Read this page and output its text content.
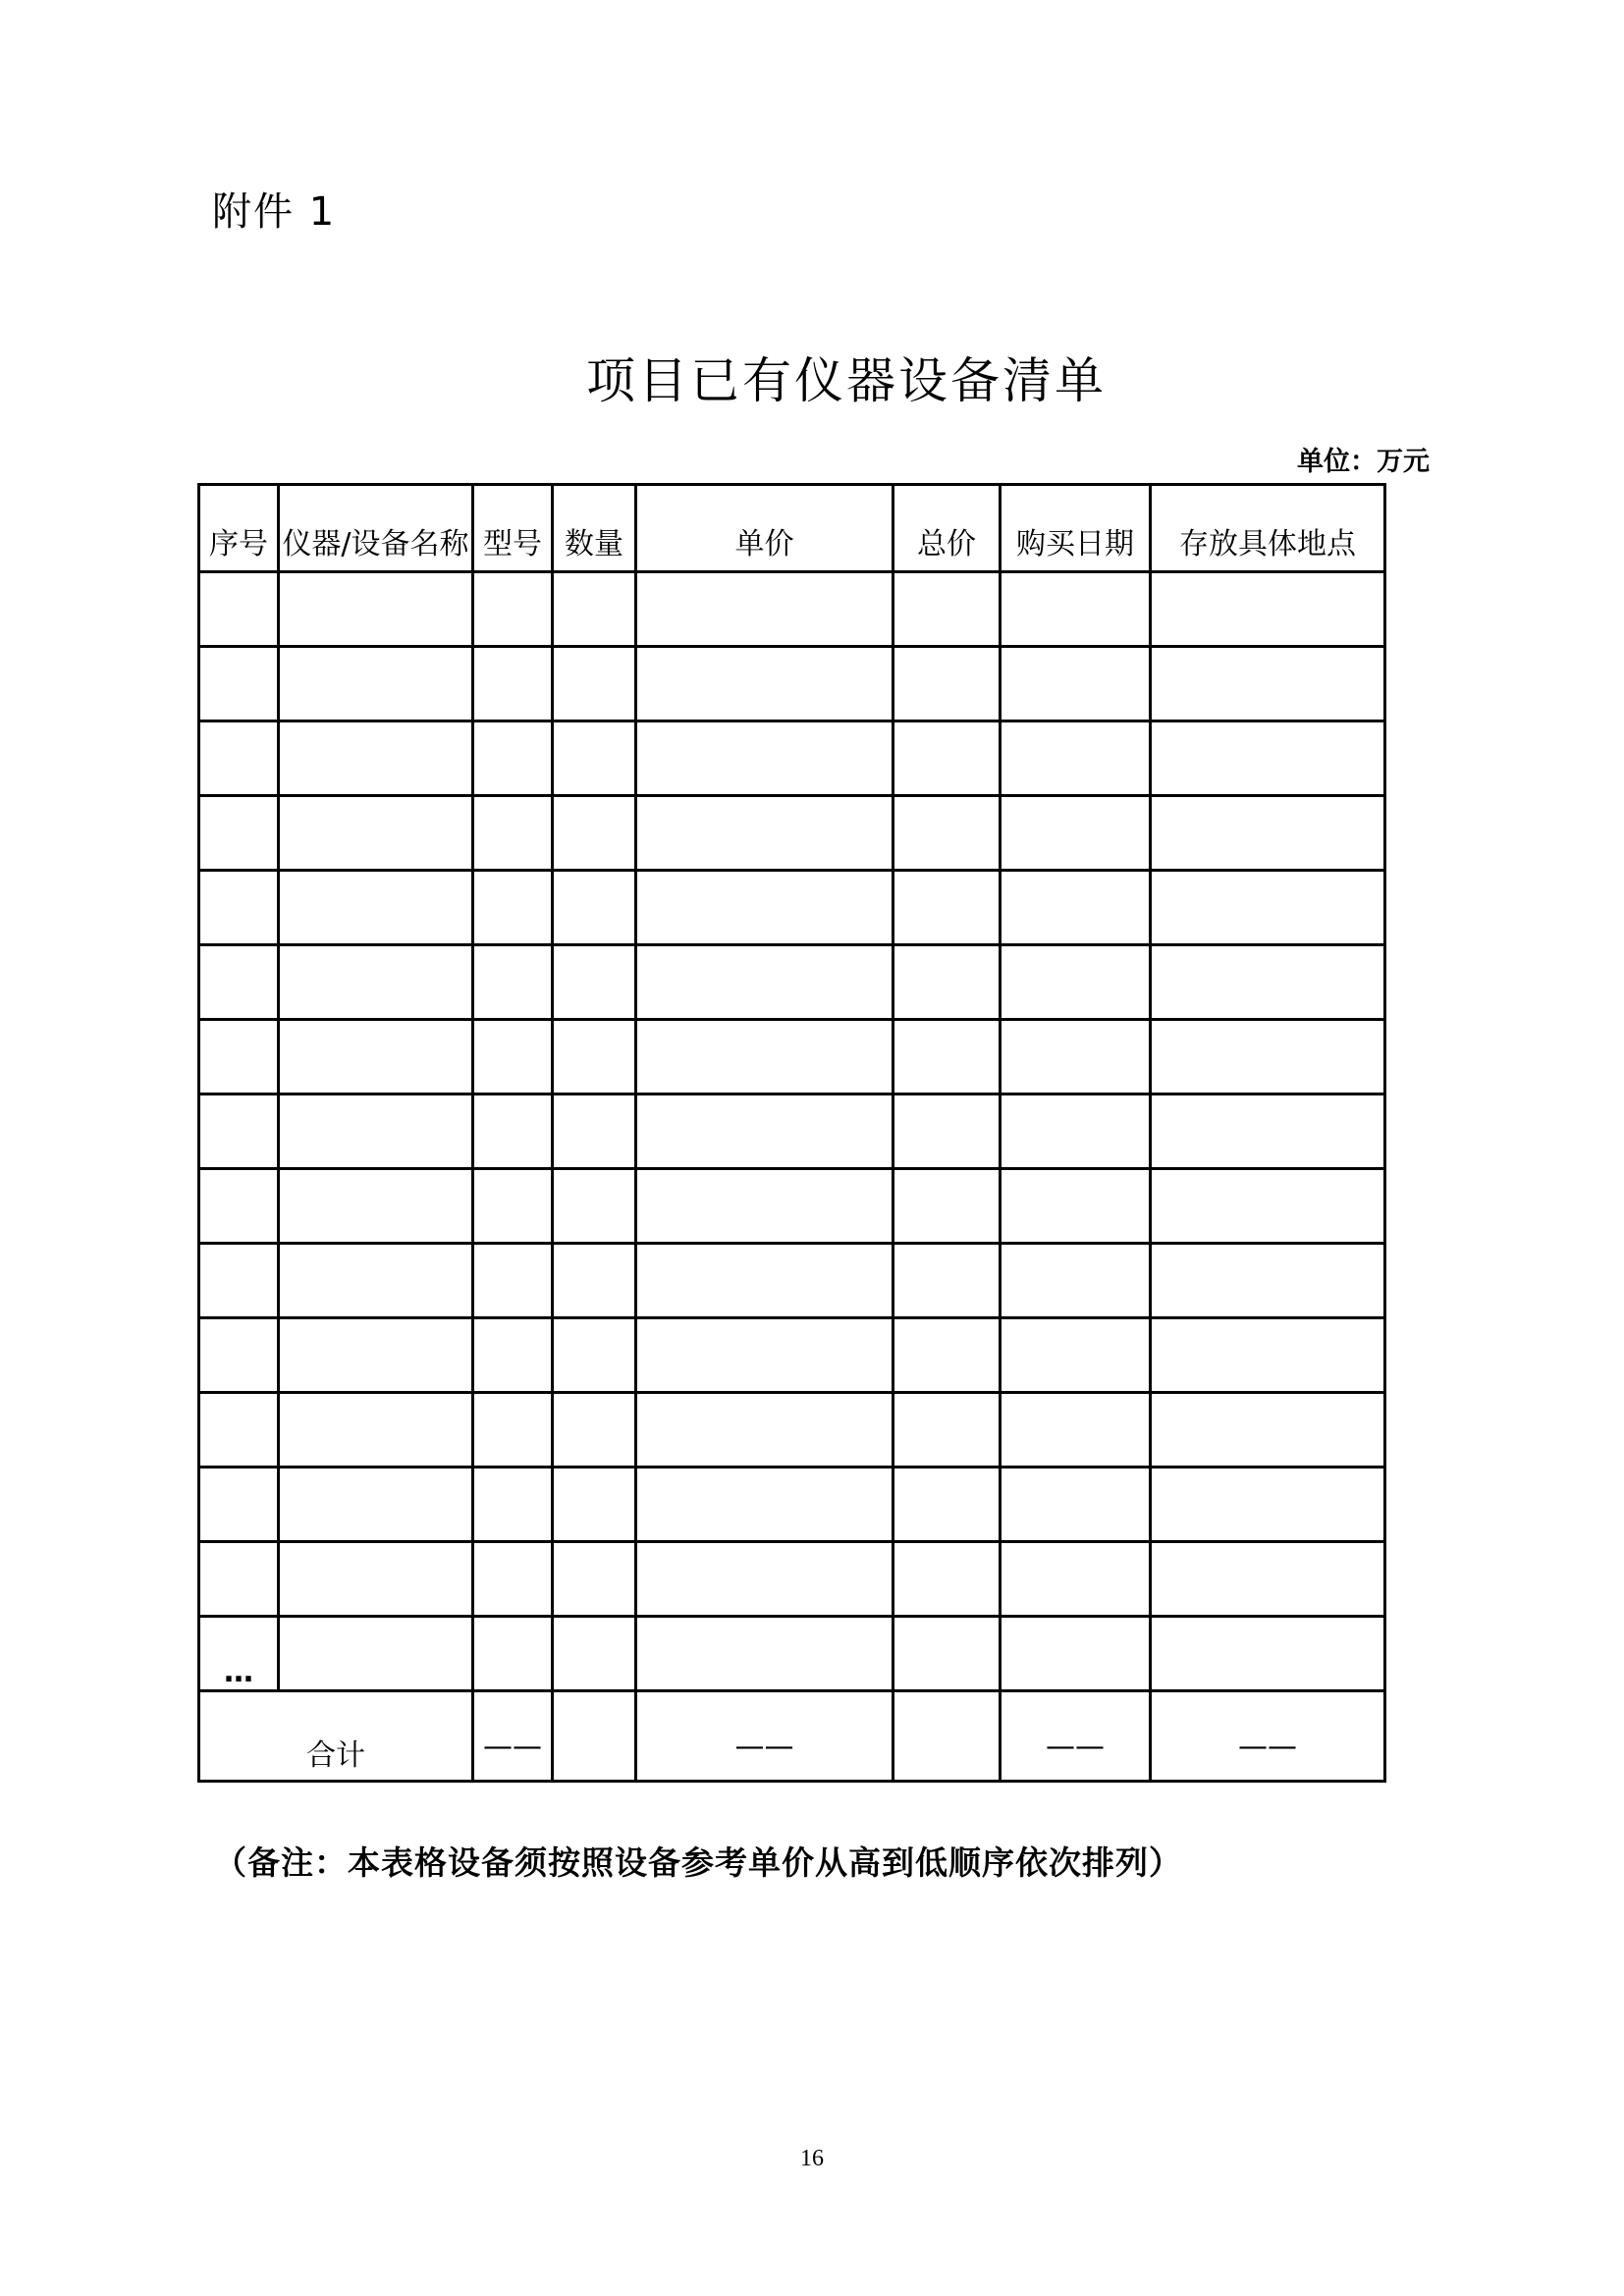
附件 1
项目已有仪器设备清单
单位：万元
序号	仪器/设备名称	型号	数量	单价	总价	购买日期	存放具体地点

…							
合计		——		——		——	——
（备注：本表格设备须按照设备参考单价从高到低顺序依次排列）
16
